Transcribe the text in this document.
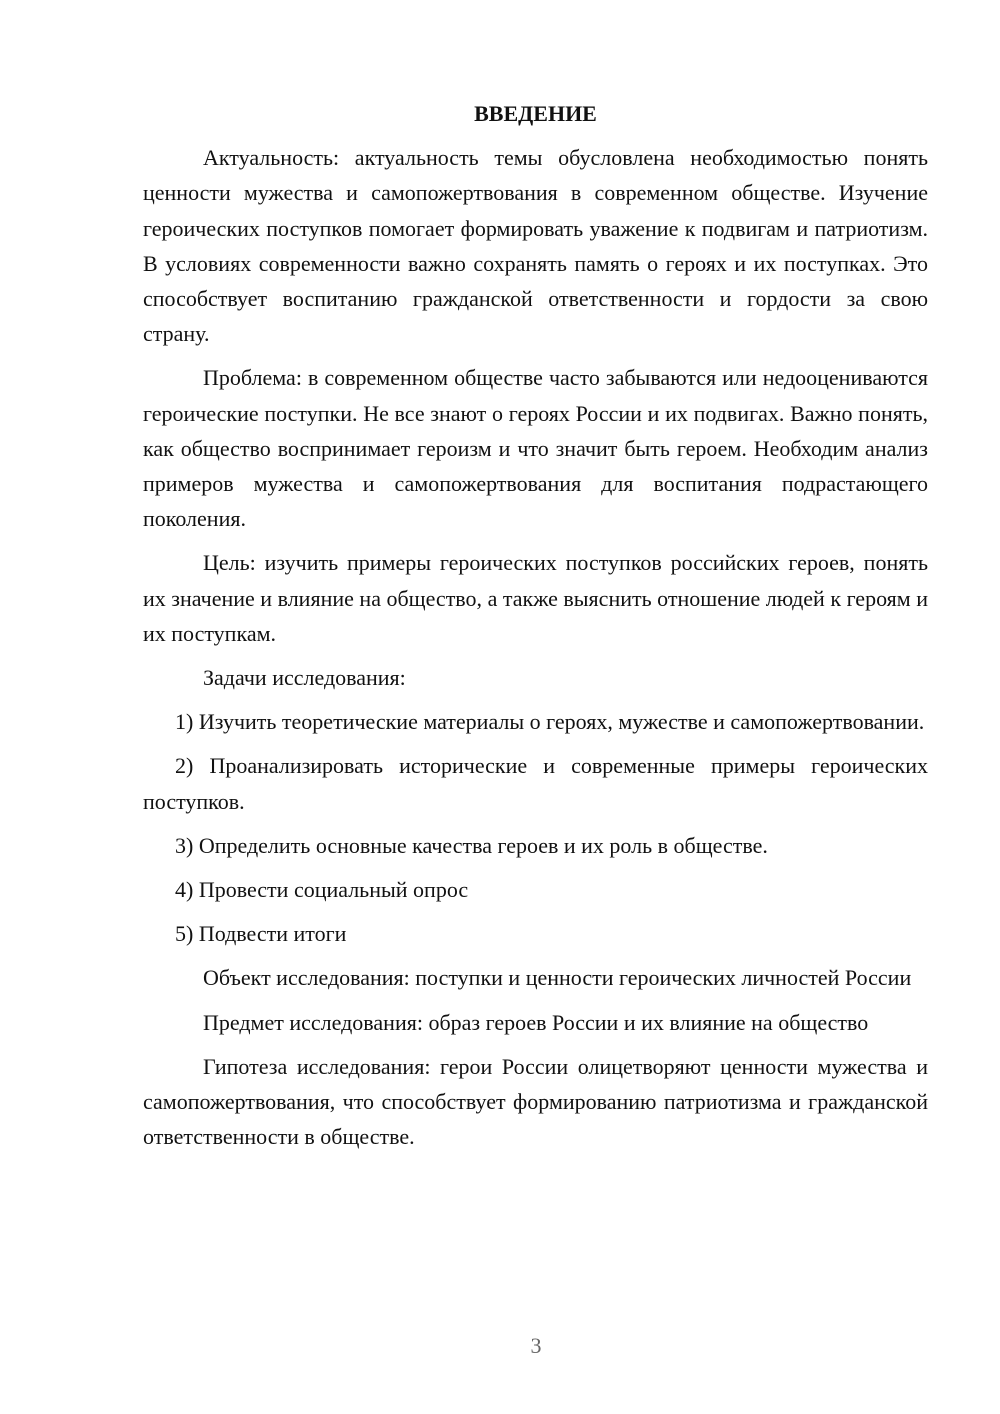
ВВЕДЕНИЕ

Актуальность: актуальность темы обусловлена необходимостью понять ценности мужества и самопожертвования в современном обществе. Изучение героических поступков помогает формировать уважение к подвигам и патриотизм. В условиях современности важно сохранять память о героях и их поступках. Это способствует воспитанию гражданской ответственности и гордости за свою страну.

Проблема: в современном обществе часто забываются или недооцениваются героические поступки. Не все знают о героях России и их подвигах. Важно понять, как общество воспринимает героизм и что значит быть героем. Необходим анализ примеров мужества и самопожертвования для воспитания подрастающего поколения.

Цель: изучить примеры героических поступков российских героев, понять их значение и влияние на общество, а также выяснить отношение людей к героям и их поступкам.

Задачи исследования:

1) Изучить теоретические материалы о героях, мужестве и самопожертвовании.

2) Проанализировать исторические и современные примеры героических поступков.

3) Определить основные качества героев и их роль в обществе.

4) Провести социальный опрос

5) Подвести итоги

Объект исследования: поступки и ценности героических личностей России

Предмет исследования: образ героев России и их влияние на общество

Гипотеза исследования: герои России олицетворяют ценности мужества и самопожертвования, что способствует формированию патриотизма и гражданской ответственности в обществе.

3
